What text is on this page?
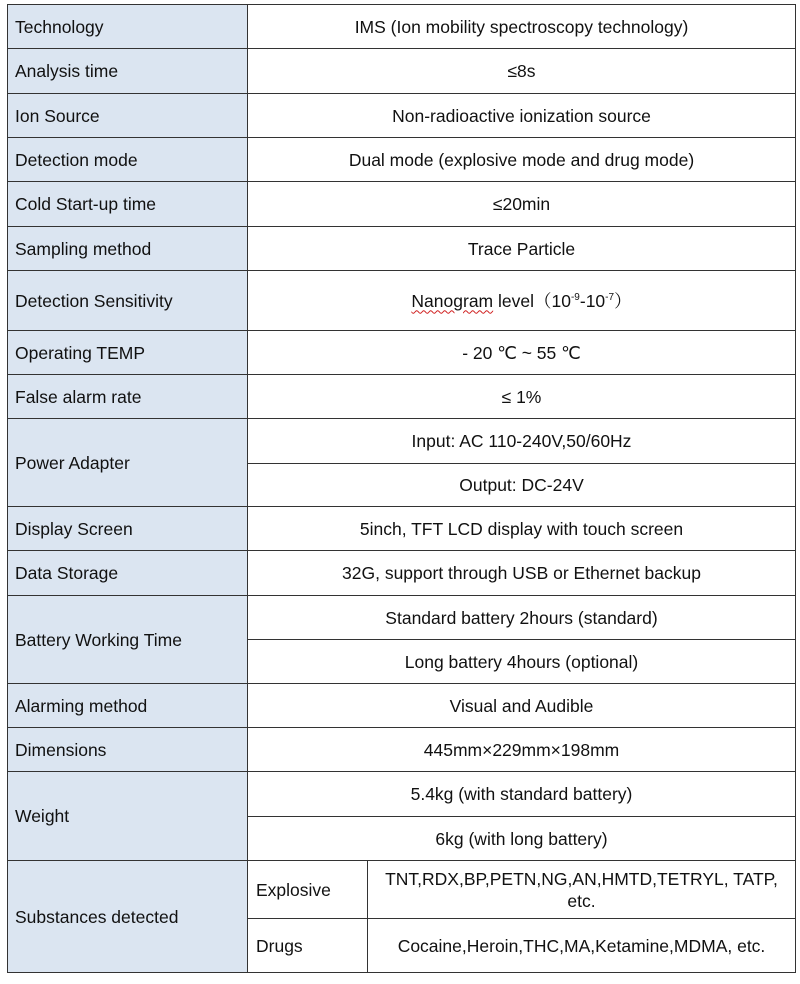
Technology	IMS (Ion mobility spectroscopy technology)	
Analysis time	≤8s	
Ion Source	Non-radioactive ionization source	
Detection mode	Dual mode (explosive mode and drug mode)	
Cold Start-up time	≤20min	
Sampling method	Trace Particle	
Detection Sensitivity	Nanogram $level(10^{-9}-10^{-7})$	
Operating TEMP	- 20 ℃ ~ 55 ℃	
False alarm rate	≤ 1%	
Power Adapter	Input: AC 110-240V,50/60Hz	
	Output: DC-24V	
Display Screen	5inch, TFT LCD display with touch screen	
Data Storage	32G, support through USB or Ethernet backup	
Battery Working Time	Standard battery 2hours (standard)	
	Long battery 4hours (optional)	
Alarming method	Visual and Audible	
Dimensions	445mm×229mm×198mm	
Weight	5.4kg (with standard battery)	
	6kg (with long battery)	
Substances detected	Explosive	TNT,RDX,BP,PETN,NG,AN,HMTD,TETRYL, TATP, etc.
	Drugs	Cocaine,Heroin,THC,MA,Ketamine,MDMA, etc.
